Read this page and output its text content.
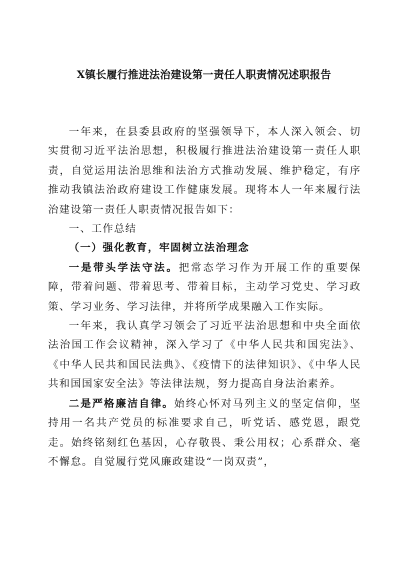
X镇长履行推进法治建设第一责任人职责情况述职报告

一年来，在县委县政府的坚强领导下，本人深入领会、切实贯彻习近平法治思想，积极履行推进法治建设第一责任人职责，自觉运用法治思维和法治方式推动发展、维护稳定，有序推动我镇法治政府建设工作健康发展。现将本人一年来履行法治建设第一责任人职责情况报告如下：

一、工作总结

（一）强化教育，牢固树立法治理念

一是带头学法守法。把常态学习作为开展工作的重要保障，带着问题、带着思考、带着目标，主动学习党史、学习政策、学习业务、学习法律，并将所学成果融入工作实际。

一年来，我认真学习领会了习近平法治思想和中央全面依法治国工作会议精神，深入学习了《中华人民共和国宪法》、《中华人民共和国民法典》、《疫情下的法律知识》、《中华人民共和国国家安全法》等法律法规，努力提高自身法治素养。

二是严格廉洁自律。始终心怀对马列主义的坚定信仰，坚持用一名共产党员的标准要求自己，听党话、感党恩，跟党走。始终铭刻红色基因，心存敬畏、秉公用权；心系群众、毫不懈怠。自觉履行党风廉政建设“一岗双责”，
